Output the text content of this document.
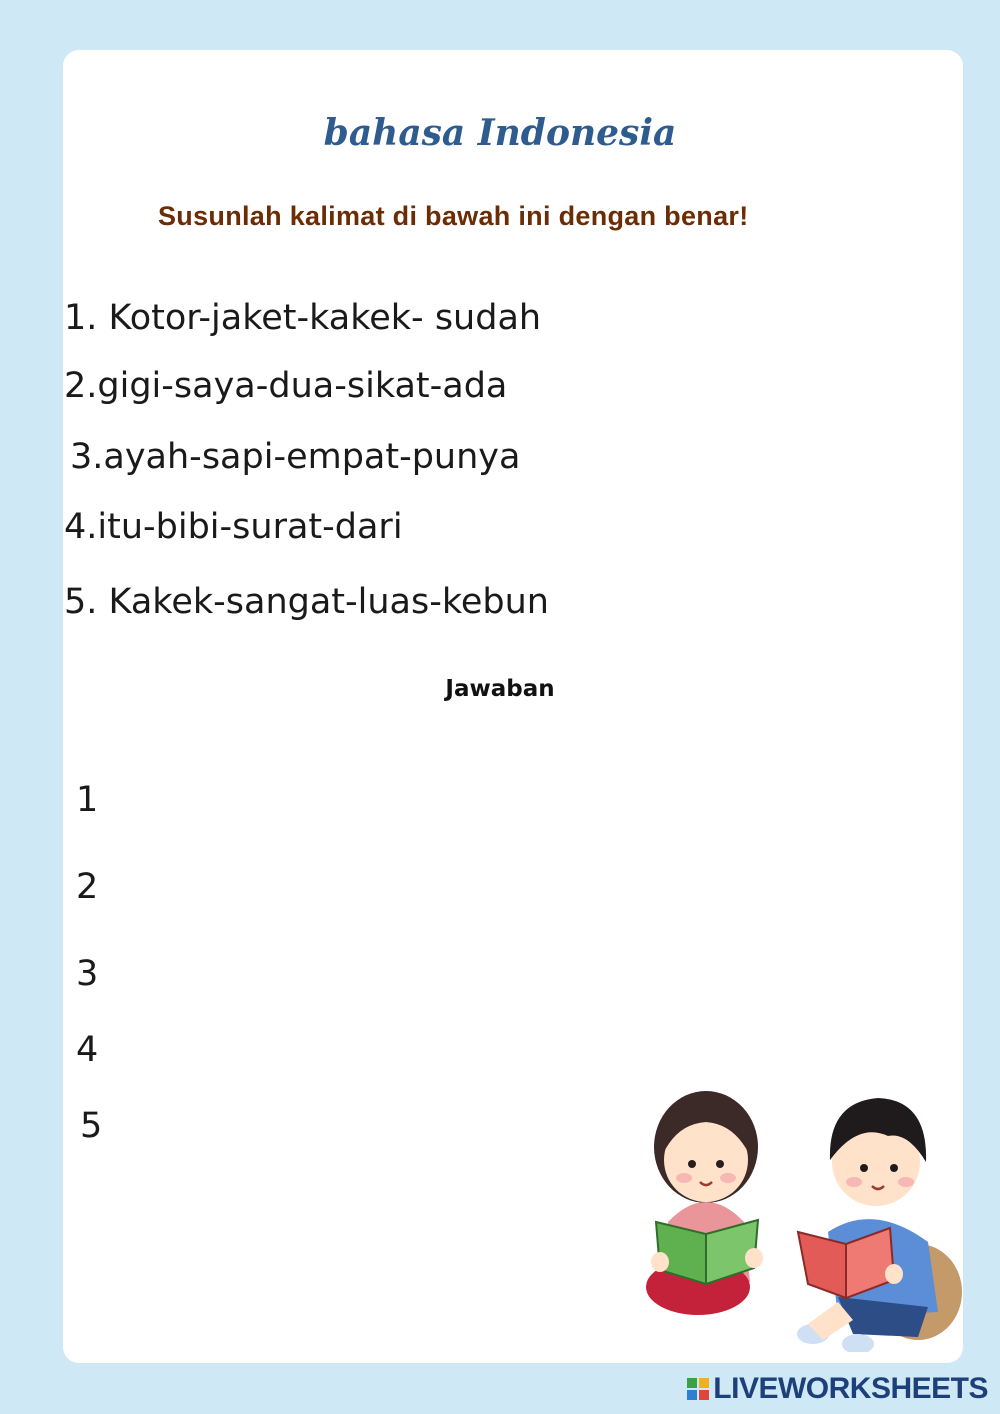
bahasa Indonesia
Susunlah kalimat di bawah ini dengan benar!
1. Kotor-jaket-kakek- sudah
2.gigi-saya-dua-sikat-ada
3.ayah-sapi-empat-punya
4.itu-bibi-surat-dari
5. Kakek-sangat-luas-kebun
Jawaban
1
2
3
4
5
LIVEWORKSHEETS
